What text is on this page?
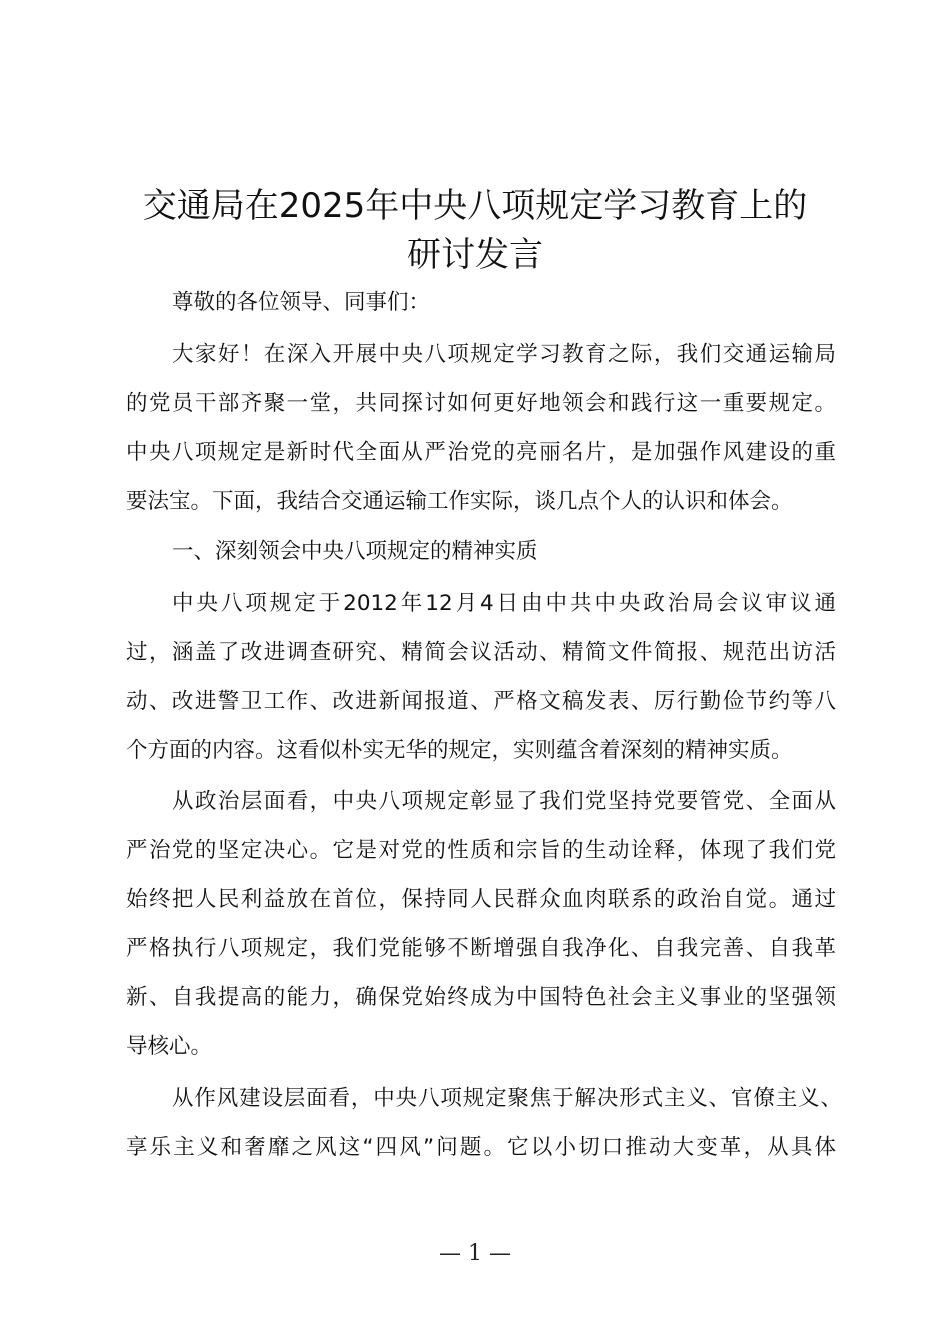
交通局在2025年中央八项规定学习教育上的
研讨发言
尊敬的各位领导、同事们：
大家好！在深入开展中央八项规定学习教育之际，我们交通运输局
的党员干部齐聚一堂，共同探讨如何更好地领会和践行这一重要规定。
中央八项规定是新时代全面从严治党的亮丽名片，是加强作风建设的重
要法宝。下面，我结合交通运输工作实际，谈几点个人的认识和体会。
一、深刻领会中央八项规定的精神实质
中央八项规定于2012年12月4日由中共中央政治局会议审议通
过，涵盖了改进调查研究、精简会议活动、精简文件简报、规范出访活
动、改进警卫工作、改进新闻报道、严格文稿发表、厉行勤俭节约等八
个方面的内容。这看似朴实无华的规定，实则蕴含着深刻的精神实质。
从政治层面看，中央八项规定彰显了我们党坚持党要管党、全面从
严治党的坚定决心。它是对党的性质和宗旨的生动诠释，体现了我们党
始终把人民利益放在首位，保持同人民群众血肉联系的政治自觉。通过
严格执行八项规定，我们党能够不断增强自我净化、自我完善、自我革
新、自我提高的能力，确保党始终成为中国特色社会主义事业的坚强领
导核心。
从作风建设层面看，中央八项规定聚焦于解决形式主义、官僚主义、
享乐主义和奢靡之风这“四风”问题。它以小切口推动大变革，从具体
— 1 —
